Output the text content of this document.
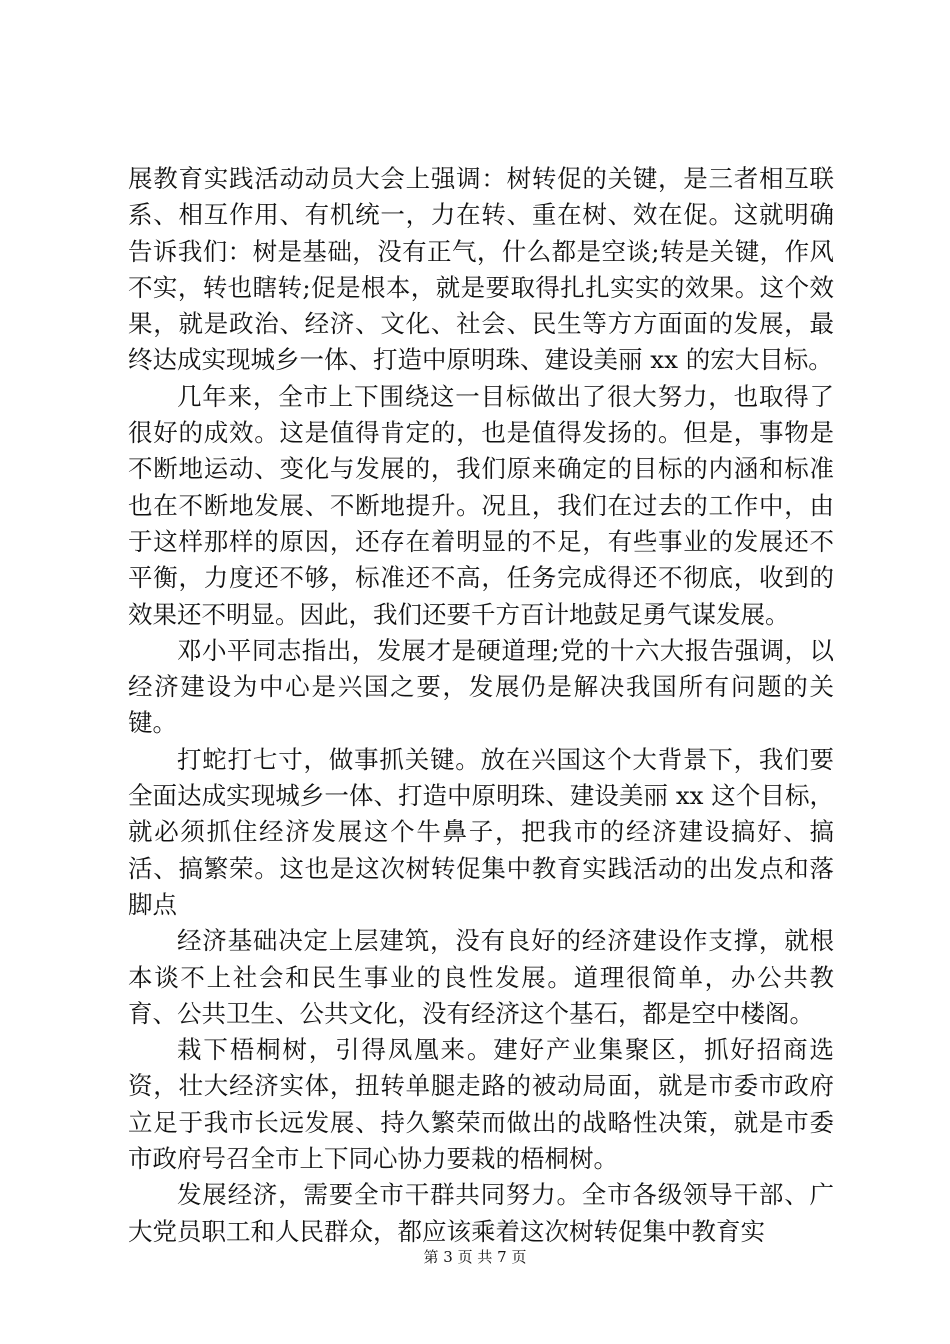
展教育实践活动动员大会上强调：树转促的关键，是三者相互联系、相互作用、有机统一，力在转、重在树、效在促。这就明确告诉我们：树是基础，没有正气，什么都是空谈;转是关键，作风不实，转也瞎转;促是根本，就是要取得扎扎实实的效果。这个效果，就是政治、经济、文化、社会、民生等方方面面的发展，最终达成实现城乡一体、打造中原明珠、建设美丽 xx 的宏大目标。

几年来，全市上下围绕这一目标做出了很大努力，也取得了很好的成效。这是值得肯定的，也是值得发扬的。但是，事物是不断地运动、变化与发展的，我们原来确定的目标的内涵和标准也在不断地发展、不断地提升。况且，我们在过去的工作中，由于这样那样的原因，还存在着明显的不足，有些事业的发展还不平衡，力度还不够，标准还不高，任务完成得还不彻底，收到的效果还不明显。因此，我们还要千方百计地鼓足勇气谋发展。

邓小平同志指出，发展才是硬道理;党的十六大报告强调，以经济建设为中心是兴国之要，发展仍是解决我国所有问题的关键。

打蛇打七寸，做事抓关键。放在兴国这个大背景下，我们要全面达成实现城乡一体、打造中原明珠、建设美丽 xx 这个目标，就必须抓住经济发展这个牛鼻子，把我市的经济建设搞好、搞活、搞繁荣。这也是这次树转促集中教育实践活动的出发点和落脚点

经济基础决定上层建筑，没有良好的经济建设作支撑，就根本谈不上社会和民生事业的良性发展。道理很简单，办公共教育、公共卫生、公共文化，没有经济这个基石，都是空中楼阁。

栽下梧桐树，引得凤凰来。建好产业集聚区，抓好招商选资，壮大经济实体，扭转单腿走路的被动局面，就是市委市政府立足于我市长远发展、持久繁荣而做出的战略性决策，就是市委市政府号召全市上下同心协力要栽的梧桐树。

发展经济，需要全市干群共同努力。全市各级领导干部、广大党员职工和人民群众，都应该乘着这次树转促集中教育实

第 3 页 共 7 页
